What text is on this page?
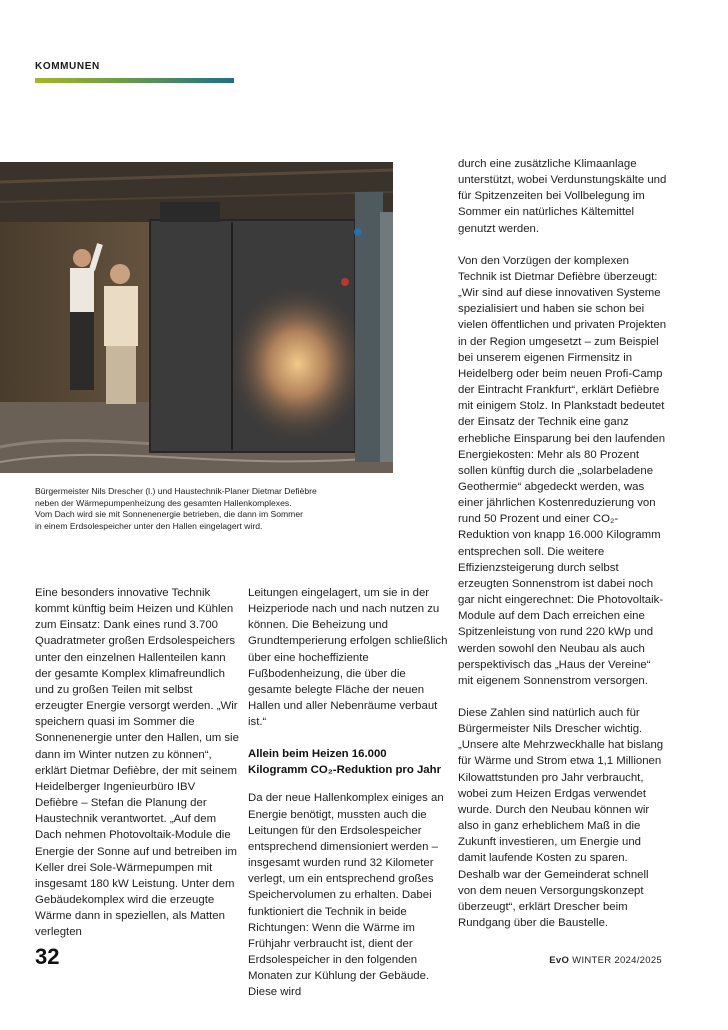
KOMMUNEN
Bürgermeister Nils Drescher (l.) und Haustechnik-Planer Dietmar Defièbre
neben der Wärmepumpenheizung des gesamten Hallenkomplexes.
Vom Dach wird sie mit Sonnenenergie betrieben, die dann im Sommer
in einem Erdsolespeicher unter den Hallen eingelagert wird.

Eine besonders innovative Technik kommt künftig beim Heizen und Kühlen zum Einsatz: Dank eines rund 3.700 Quadratmeter großen Erdsolespeichers unter den einzelnen Hallenteilen kann der gesamte Komplex klimafreundlich und zu großen Teilen mit selbst erzeugter Energie versorgt werden. „Wir speichern quasi im Sommer die Sonnenenergie unter den Hallen, um sie dann im Winter nutzen zu können“, erklärt Dietmar Defièbre, der mit seinem Heidelberger Ingenieurbüro IBV Defièbre – Stefan die Planung der Haustechnik verantwortet. „Auf dem Dach nehmen Photovoltaik-Module die Energie der Sonne auf und betreiben im Keller drei Sole-Wärmepumpen mit insgesamt 180 kW Leistung. Unter dem Gebäudekomplex wird die erzeugte Wärme dann in speziellen, als Matten verlegten

Leitungen eingelagert, um sie in der Heizperiode nach und nach nutzen zu können. Die Beheizung und Grundtemperierung erfolgen schließlich über eine hocheffiziente Fußbodenheizung, die über die gesamte belegte Fläche der neuen Hallen und aller Nebenräume verbaut ist.“

Allein beim Heizen 16.000 Kilogramm CO₂-Reduktion pro Jahr

Da der neue Hallenkomplex einiges an Energie benötigt, mussten auch die Leitungen für den Erdsolespeicher entsprechend dimensioniert werden – insgesamt wurden rund 32 Kilometer verlegt, um ein entsprechend großes Speichervolumen zu erhalten. Dabei funktioniert die Technik in beide Richtungen: Wenn die Wärme im Frühjahr verbraucht ist, dient der Erdsolespeicher in den folgenden Monaten zur Kühlung der Gebäude. Diese wird

durch eine zusätzliche Klimaanlage unterstützt, wobei Verdunstungskälte und für Spitzenzeiten bei Vollbelegung im Sommer ein natürliches Kältemittel genutzt werden.

Von den Vorzügen der komplexen Technik ist Dietmar Defièbre überzeugt: „Wir sind auf diese innovativen Systeme spezialisiert und haben sie schon bei vielen öffentlichen und privaten Projekten in der Region umgesetzt – zum Beispiel bei unserem eigenen Firmensitz in Heidelberg oder beim neuen Profi-Camp der Eintracht Frankfurt“, erklärt Defièbre mit einigem Stolz. In Plankstadt bedeutet der Einsatz der Technik eine ganz erhebliche Einsparung bei den laufenden Energiekosten: Mehr als 80 Prozent sollen künftig durch die „solarbeladene Geothermie“ abgedeckt werden, was einer jährlichen Kostenreduzierung von rund 50 Prozent und einer CO₂-Reduktion von knapp 16.000 Kilogramm entsprechen soll. Die weitere Effizienzsteigerung durch selbst erzeugten Sonnenstrom ist dabei noch gar nicht eingerechnet: Die Photovoltaik-Module auf dem Dach erreichen eine Spitzenleistung von rund 220 kWp und werden sowohl den Neubau als auch perspektivisch das „Haus der Vereine“ mit eigenem Sonnenstrom versorgen.

Diese Zahlen sind natürlich auch für Bürgermeister Nils Drescher wichtig. „Unsere alte Mehrzweckhalle hat bislang für Wärme und Strom etwa 1,1 Millionen Kilowattstunden pro Jahr verbraucht, wobei zum Heizen Erdgas verwendet wurde. Durch den Neubau können wir also in ganz erheblichem Maß in die Zukunft investieren, um Energie und damit laufende Kosten zu sparen. Deshalb war der Gemeinderat schnell von dem neuen Versorgungskonzept überzeugt“, erklärt Drescher beim Rundgang über die Baustelle.

32	EvO WINTER 2024/2025
